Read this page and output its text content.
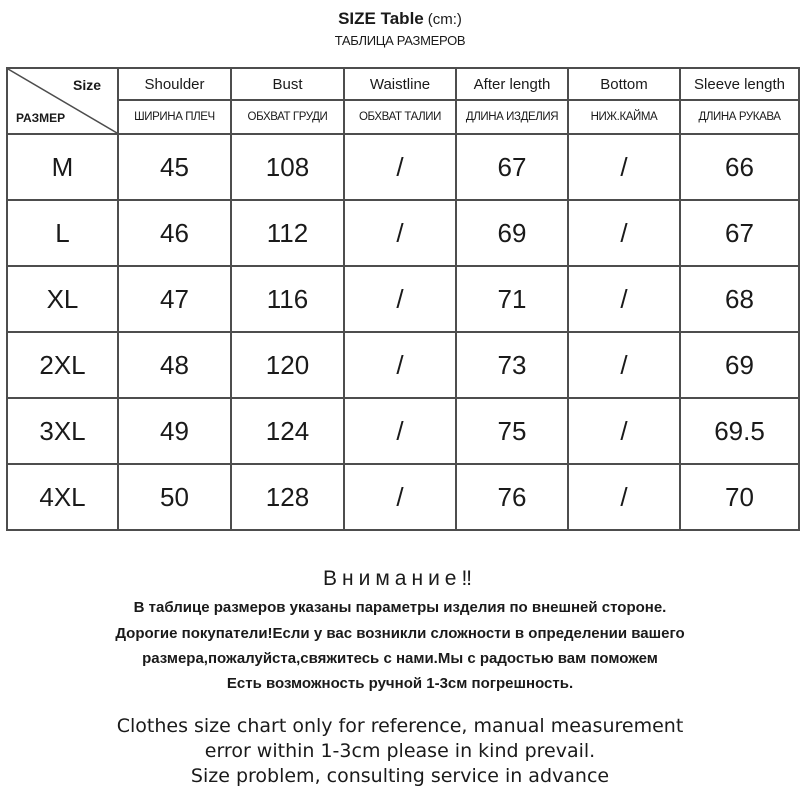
SIZE Table (cm:)
ТАБЛИЦА РАЗМЕРОВ
Size
РАЗМЕР	Shoulder	Bust	Waistline	After length	Bottom	Sleeve length
	ШИРИНА ПЛЕЧ	ОБХВАТ ГРУДИ	ОБХВАТ ТАЛИИ	ДЛИНА ИЗДЕЛИЯ	НИЖ.КАЙМА	ДЛИНА РУКАВА
M	45	108	/	67	/	66
L	46	112	/	69	/	67
XL	47	116	/	71	/	68
2XL	48	120	/	73	/	69
3XL	49	124	/	75	/	69.5
4XL	50	128	/	76	/	70
Внимание‼
В таблице размеров указаны параметры изделия по внешней стороне.
Дорогие покупатели!Если у вас возникли сложности в определении вашего
размера,пожалуйста,свяжитесь с нами.Мы с радостью вам поможем
Есть возможность ручной 1-3см погрешность.
Clothes size chart only for reference, manual measurement
error within 1-3cm please in kind prevail.
Size problem, consulting service in advance
